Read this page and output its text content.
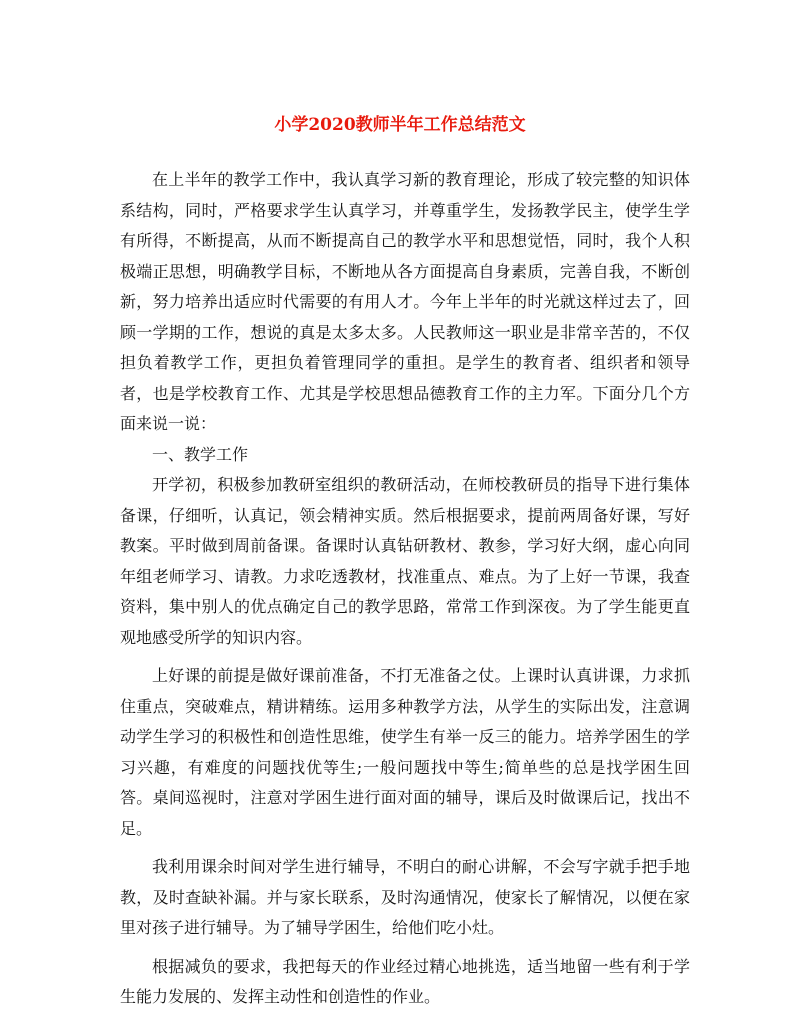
小学2020教师半年工作总结范文

在上半年的教学工作中，我认真学习新的教育理论，形成了较完整的知识体系结构，同时，严格要求学生认真学习，并尊重学生，发扬教学民主，使学生学有所得，不断提高，从而不断提高自己的教学水平和思想觉悟，同时，我个人积极端正思想，明确教学目标，不断地从各方面提高自身素质，完善自我，不断创新，努力培养出适应时代需要的有用人才。今年上半年的时光就这样过去了，回顾一学期的工作，想说的真是太多太多。人民教师这一职业是非常辛苦的，不仅担负着教学工作，更担负着管理同学的重担。是学生的教育者、组织者和领导者，也是学校教育工作、尤其是学校思想品德教育工作的主力军。下面分几个方面来说一说：

一、教学工作

开学初，积极参加教研室组织的教研活动，在师校教研员的指导下进行集体备课，仔细听，认真记，领会精神实质。然后根据要求，提前两周备好课，写好教案。平时做到周前备课。备课时认真钻研教材、教参，学习好大纲，虚心向同年组老师学习、请教。力求吃透教材，找准重点、难点。为了上好一节课，我查资料，集中别人的优点确定自己的教学思路，常常工作到深夜。为了学生能更直观地感受所学的知识内容。

上好课的前提是做好课前准备，不打无准备之仗。上课时认真讲课，力求抓住重点，突破难点，精讲精练。运用多种教学方法，从学生的实际出发，注意调动学生学习的积极性和创造性思维，使学生有举一反三的能力。培养学困生的学习兴趣，有难度的问题找优等生;一般问题找中等生;简单些的总是找学困生回答。桌间巡视时，注意对学困生进行面对面的辅导，课后及时做课后记，找出不足。

我利用课余时间对学生进行辅导，不明白的耐心讲解，不会写字就手把手地教，及时查缺补漏。并与家长联系，及时沟通情况，使家长了解情况，以便在家里对孩子进行辅导。为了辅导学困生，给他们吃小灶。

根据减负的要求，我把每天的作业经过精心地挑选，适当地留一些有利于学生能力发展的、发挥主动性和创造性的作业。
